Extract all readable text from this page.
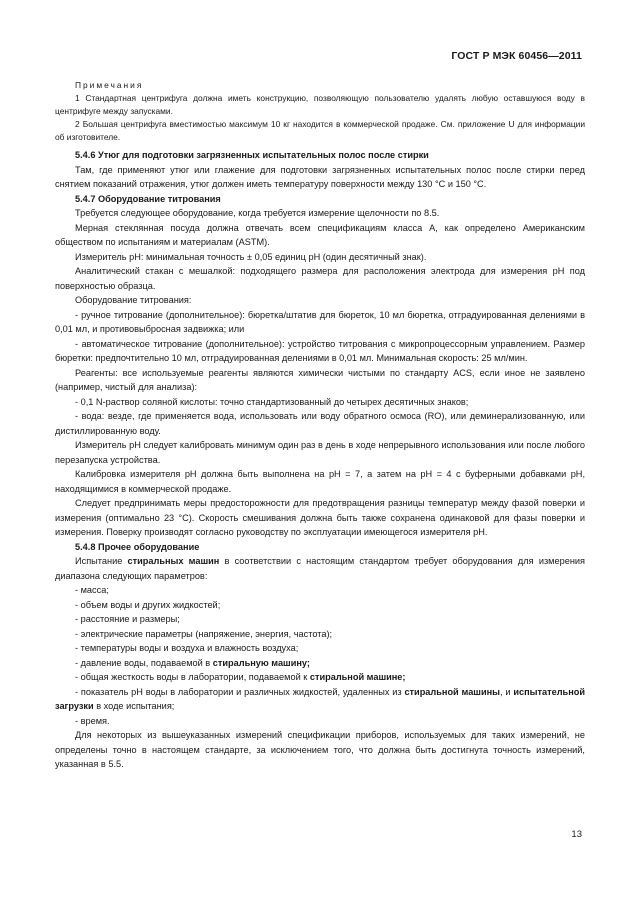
ГОСТ Р МЭК 60456—2011

Примечания

1 Стандартная центрифуга должна иметь конструкцию, позволяющую пользователю удалять любую оставшуюся воду в центрифуге между запусками.

2 Большая центрифуга вместимостью максимум 10 кг находится в коммерческой продаже. См. приложение U для информации об изготовителе.

5.4.6 Утюг для подготовки загрязненных испытательных полос после стирки

Там, где применяют утюг или глажение для подготовки загрязненных испытательных полос после стирки перед снятием показаний отражения, утюг должен иметь температуру поверхности между 130 °С и 150 °С.

5.4.7 Оборудование титрования

Требуется следующее оборудование, когда требуется измерение щелочности по 8.5.

Мерная стеклянная посуда должна отвечать всем спецификациям класса А, как определено Американским обществом по испытаниям и материалам (ASTM).

Измеритель рН: минимальная точность ± 0,05 единиц рН (один десятичный знак).

Аналитический стакан с мешалкой: подходящего размера для расположения электрода для измерения рН под поверхностью образца.

Оборудование титрования:

- ручное титрование (дополнительное): бюретка/штатив для бюреток, 10 мл бюретка, отградуированная делениями в 0,01 мл, и противовыбросная задвижка; или

- автоматическое титрование (дополнительное): устройство титрования с микропроцессорным управлением. Размер бюретки: предпочтительно 10 мл, отградуированная делениями в 0,01 мл. Минимальная скорость: 25 мл/мин.

Реагенты: все используемые реагенты являются химически чистыми по стандарту ACS, если иное не заявлено (например, чистый для анализа):

- 0,1 N-раствор соляной кислоты: точно стандартизованный до четырех десятичных знаков;

- вода: везде, где применяется вода, использовать или воду обратного осмоса (RO), или деминерализованную, или дистиллированную воду.

Измеритель рН следует калибровать минимум один раз в день в ходе непрерывного использования или после любого перезапуска устройства.

Калибровка измерителя рН должна быть выполнена на рН = 7, а затем на рН = 4 с буферными добавками рН, находящимися в коммерческой продаже.

Следует предпринимать меры предосторожности для предотвращения разницы температур между фазой поверки и измерения (оптимально 23 °С). Скорость смешивания должна быть также сохранена одинаковой для фазы поверки и измерения. Поверку производят согласно руководству по эксплуатации имеющегося измерителя рН.

5.4.8 Прочее оборудование

Испытание стиральных машин в соответствии с настоящим стандартом требует оборудования для измерения диапазона следующих параметров:

- масса;

- объем воды и других жидкостей;

- расстояние и размеры;

- электрические параметры (напряжение, энергия, частота);

- температуры воды и воздуха и влажность воздуха;

- давление воды, подаваемой в стиральную машину;

- общая жесткость воды в лаборатории, подаваемой к стиральной машине;

- показатель рН воды в лаборатории и различных жидкостей, удаленных из стиральной машины, и испытательной загрузки в ходе испытания;

- время.

Для некоторых из вышеуказанных измерений спецификации приборов, используемых для таких измерений, не определены точно в настоящем стандарте, за исключением того, что должна быть достигнута точность измерений, указанная в 5.5.

13
